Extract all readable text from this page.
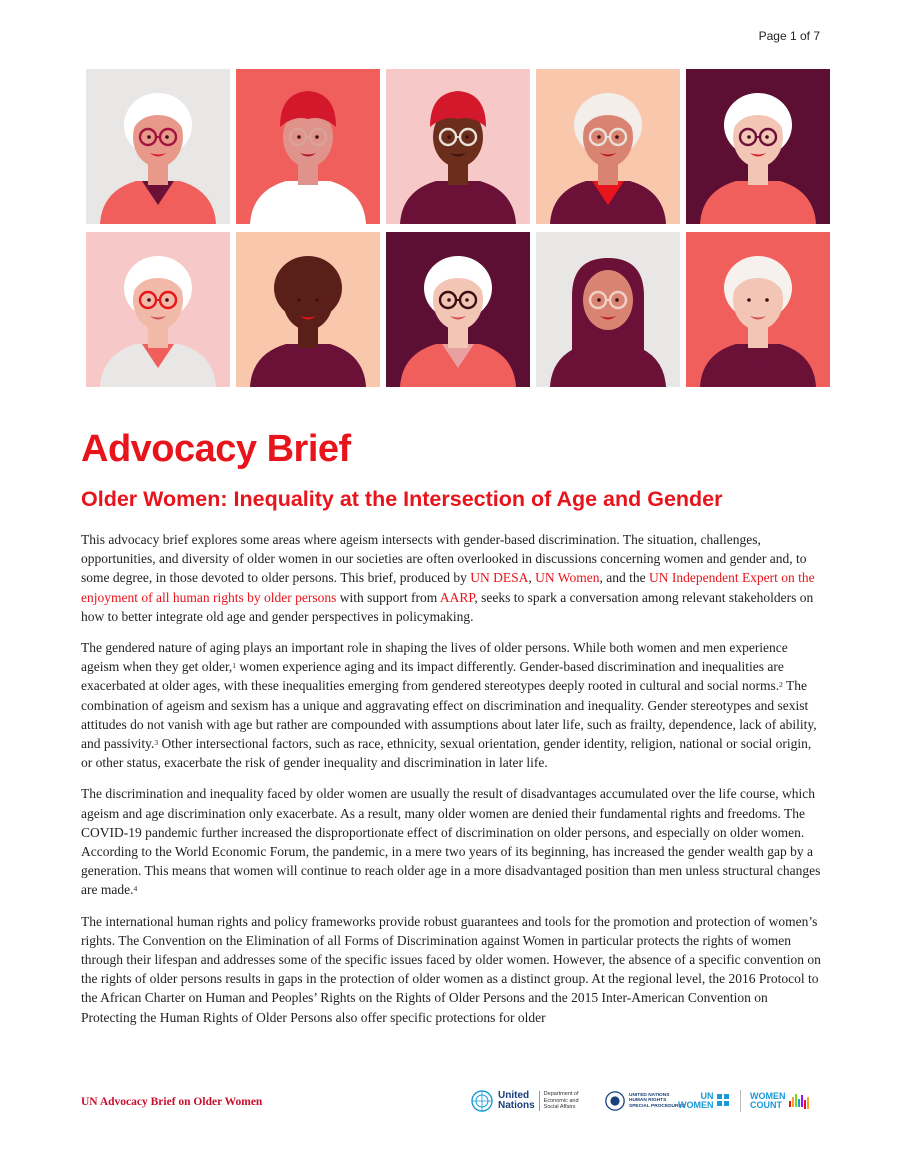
Page 1 of 7
Advocacy Brief
Older Women: Inequality at the Intersection of Age and Gender

This advocacy brief explores some areas where ageism intersects with gender-based discrimination. The situation, challenges, opportunities, and diversity of older women in our societies are often overlooked in discussions concerning women and gender and, to some degree, in those devoted to older persons. This brief, produced by UN DESA, UN Women, and the UN Independent Expert on the enjoyment of all human rights by older persons with support from AARP, seeks to spark a conversation among relevant stakeholders on how to better integrate old age and gender perspectives in policymaking.

The gendered nature of aging plays an important role in shaping the lives of older persons. While both women and men experience ageism when they get older,$^1$ women experience aging and its impact differently. Gender-based discrimination and inequalities are exacerbated at older ages, with these inequalities emerging from gendered stereotypes deeply rooted in cultural and social norms.$^2$ The combination of ageism and sexism has a unique and aggravating effect on discrimination and inequality. Gender stereotypes and sexist attitudes do not vanish with age but rather are compounded with assumptions about later life, such as frailty, dependence, lack of ability, and passivity.$^3$ Other intersectional factors, such as race, ethnicity, sexual orientation, gender identity, religion, national or social origin, or other status, exacerbate the risk of gender inequality and discrimination in later life.

The discrimination and inequality faced by older women are usually the result of disadvantages accumulated over the life course, which ageism and age discrimination only exacerbate. As a result, many older women are denied their fundamental rights and freedoms. The COVID-19 pandemic further increased the disproportionate effect of discrimination on older persons, and especially on older women. According to the World Economic Forum, the pandemic, in a mere two years of its beginning, has increased the gender wealth gap by a generation. This means that women will continue to reach older age in a more disadvantaged position than men unless structural changes are made.$^4$

The international human rights and policy frameworks provide robust guarantees and tools for the promotion and protection of women’s rights. The Convention on the Elimination of all Forms of Discrimination against Women in particular protects the rights of women through their lifespan and addresses some of the specific issues faced by older women. However, the absence of a specific convention on the rights of older persons results in gaps in the protection of older women as a distinct group. At the regional level, the 2016 Protocol to the African Charter on Human and Peoples’ Rights on the Rights of Older Persons and the 2015 Inter-American Convention on Protecting the Human Rights of Older Persons also offer specific protections for older

UN Advocacy Brief on Older Women
United
Nations
Department of
Economic and
Social Affairs
UNITED NATIONS
HUMAN RIGHTS
SPECIAL PROCEDURES
UN
WOMEN
WOMEN
COUNT
